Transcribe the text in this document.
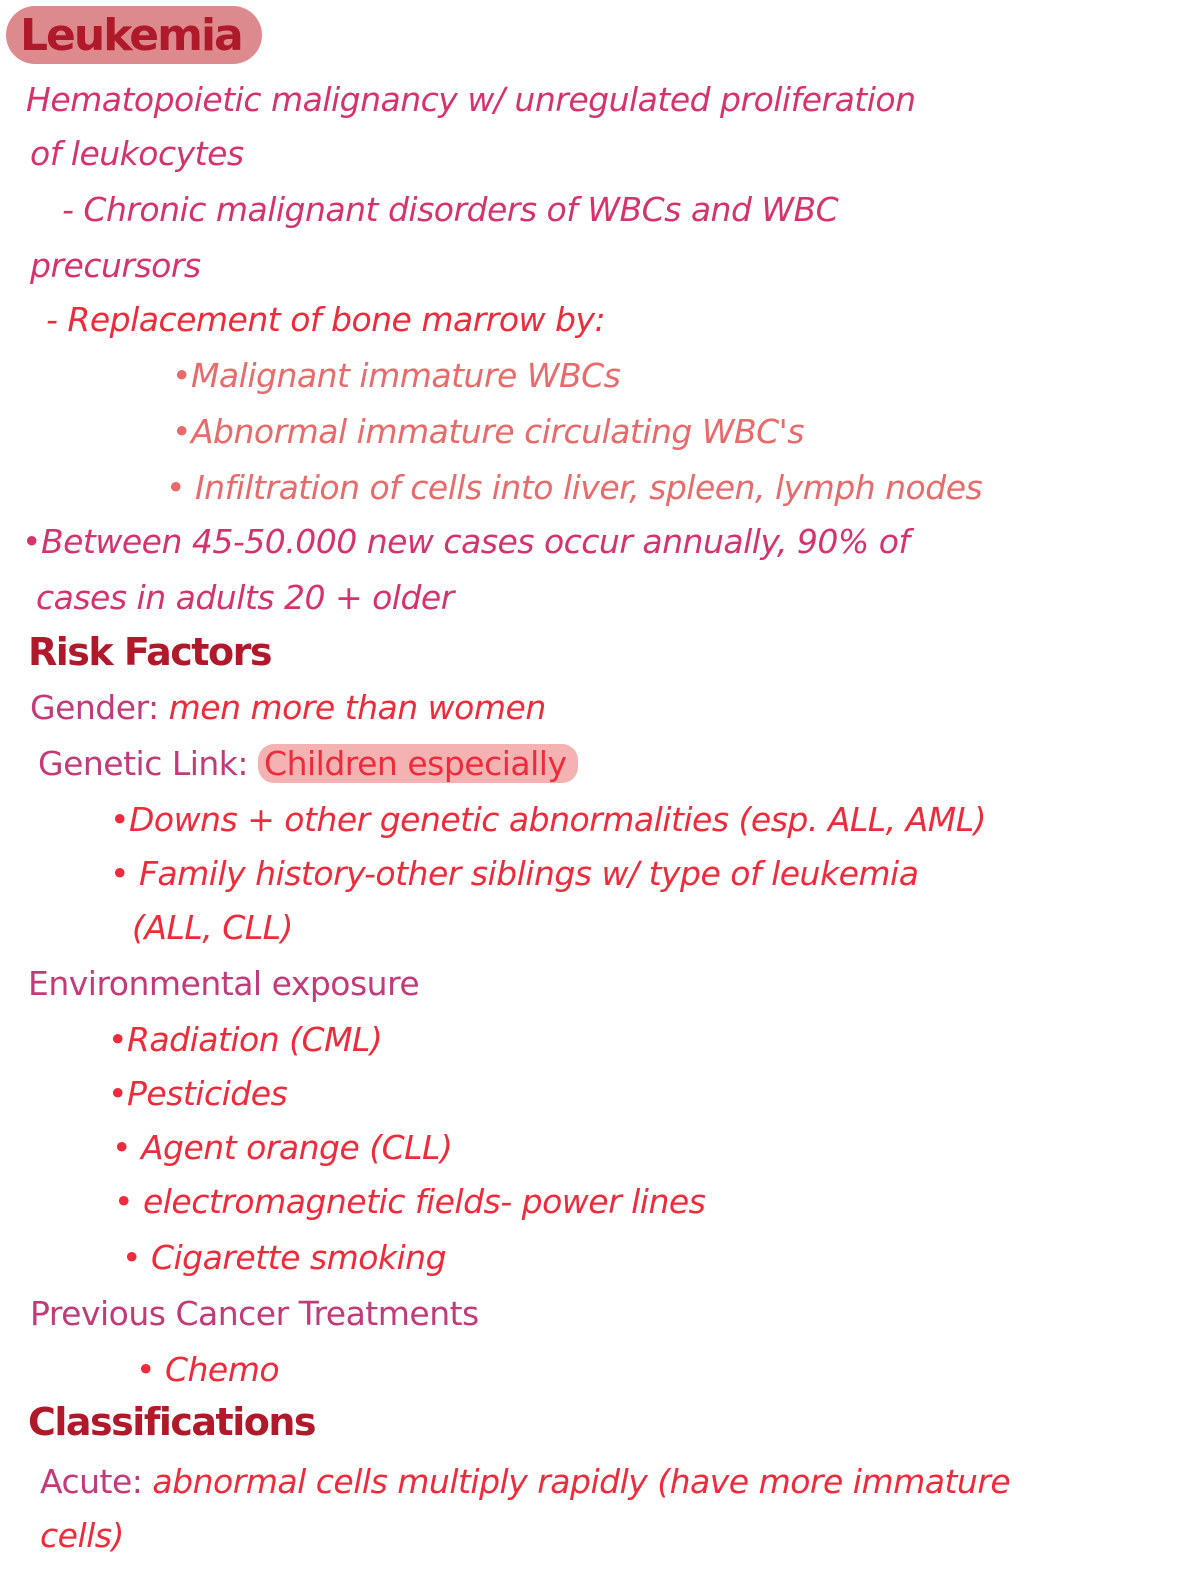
Leukemia
Hematopoietic malignancy w/ unregulated proliferation
of leukocytes
- Chronic malignant disorders of WBCs and WBC
precursors
- Replacement of bone marrow by:
•Malignant immature WBCs
•Abnormal immature circulating WBC's
• Infiltration of cells into liver, spleen, lymph nodes
•Between 45-50.000 new cases occur annually, 90% of
cases in adults 20 + older
Risk Factors
Gender: men more than women
Genetic Link: Children especially
•Downs + other genetic abnormalities (esp. ALL, AML)
• Family history-other siblings w/ type of leukemia
(ALL, CLL)
Environmental exposure
•Radiation (CML)
•Pesticides
• Agent orange (CLL)
• electromagnetic fields- power lines
• Cigarette smoking
Previous Cancer Treatments
• Chemo
Classifications
Acute: abnormal cells multiply rapidly (have more immature
cells)
